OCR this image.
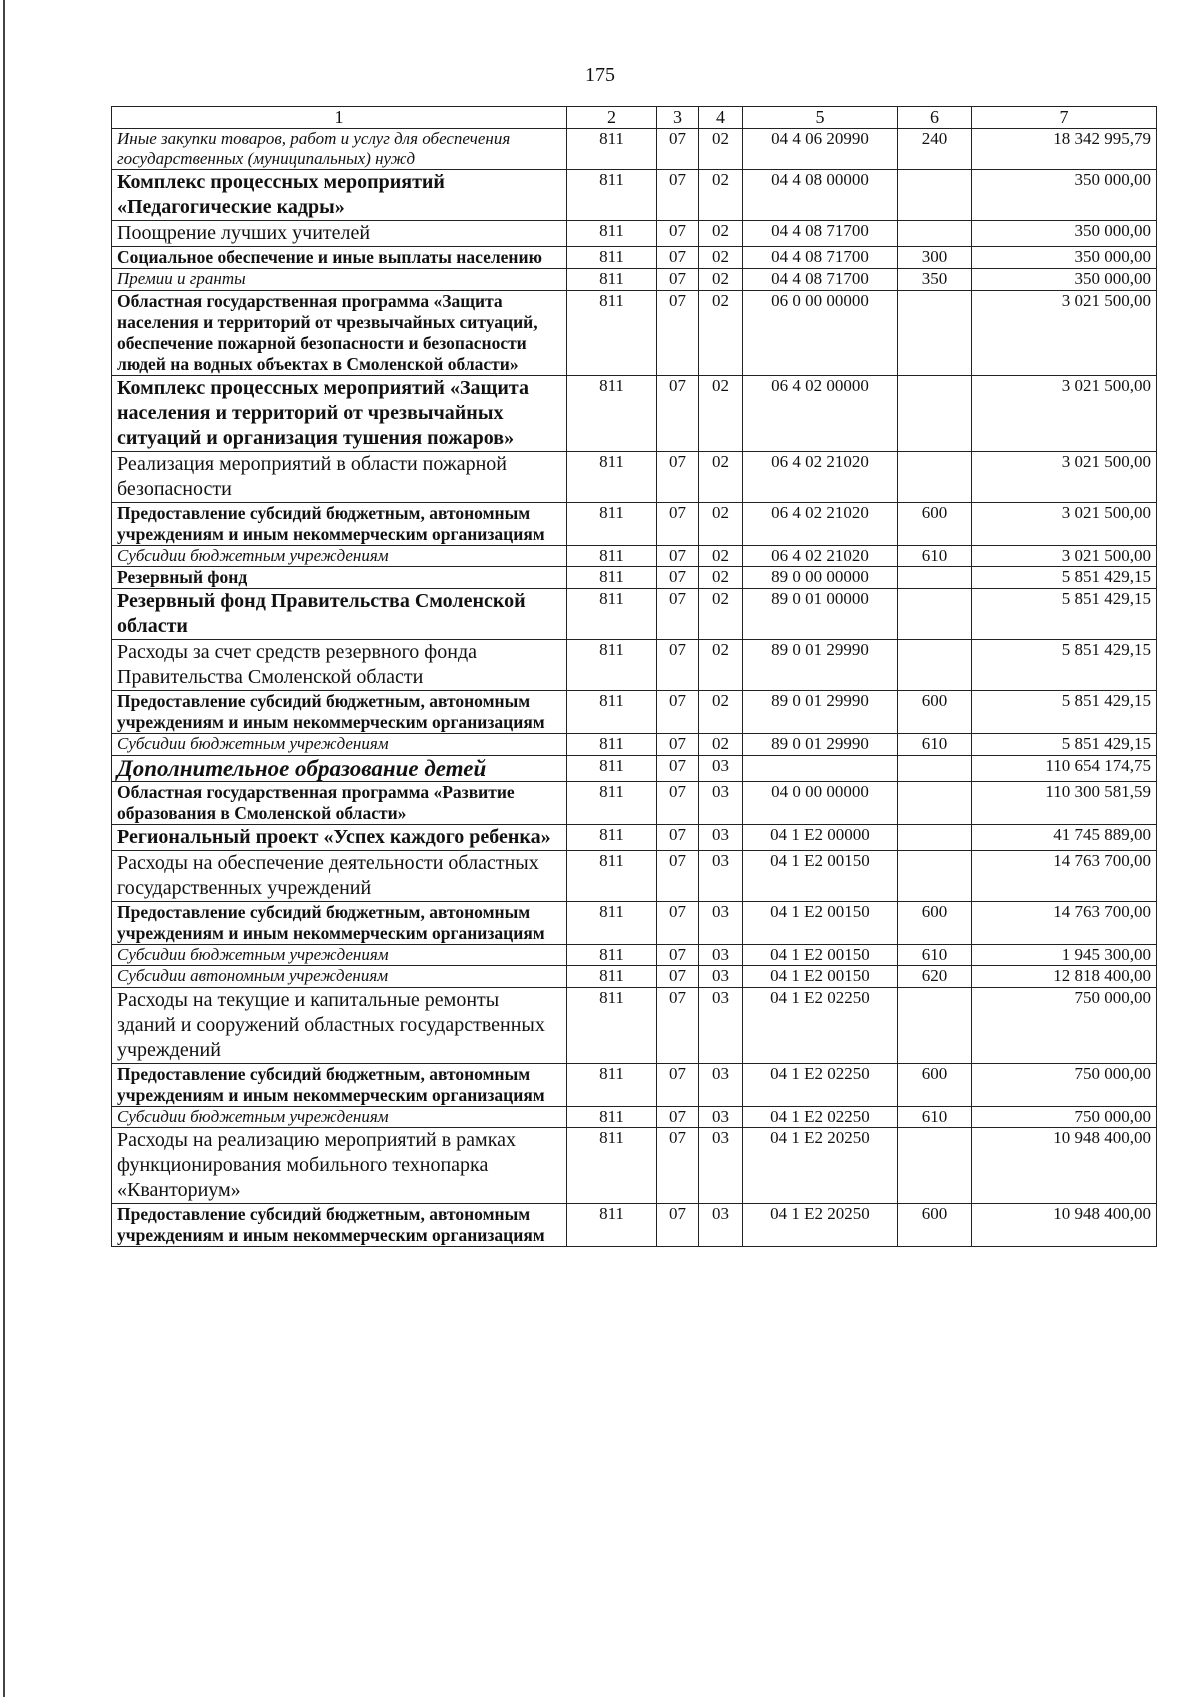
175
1	2	3	4	5	6	7
Иные закупки товаров, работ и услуг для обеспечения государственных (муниципальных) нужд	811	07	02	04 4 06 20990	240	18 342 995,79
Комплекс процессных мероприятий «Педагогические кадры»	811	07	02	04 4 08 00000		350 000,00
Поощрение лучших учителей	811	07	02	04 4 08 71700		350 000,00
Социальное обеспечение и иные выплаты населению	811	07	02	04 4 08 71700	300	350 000,00
Премии и гранты	811	07	02	04 4 08 71700	350	350 000,00
Областная государственная программа «Защита населения и территорий от чрезвычайных ситуаций, обеспечение пожарной безопасности и безопасности людей на водных объектах в Смоленской области»	811	07	02	06 0 00 00000		3 021 500,00
Комплекс процессных мероприятий «Защита населения и территорий от чрезвычайных ситуаций и организация тушения пожаров»	811	07	02	06 4 02 00000		3 021 500,00
Реализация мероприятий в области пожарной безопасности	811	07	02	06 4 02 21020		3 021 500,00
Предоставление субсидий бюджетным, автономным учреждениям и иным некоммерческим организациям	811	07	02	06 4 02 21020	600	3 021 500,00
Субсидии бюджетным учреждениям	811	07	02	06 4 02 21020	610	3 021 500,00
Резервный фонд	811	07	02	89 0 00 00000		5 851 429,15
Резервный фонд Правительства Смоленской области	811	07	02	89 0 01 00000		5 851 429,15
Расходы за счет средств резервного фонда Правительства Смоленской области	811	07	02	89 0 01 29990		5 851 429,15
Предоставление субсидий бюджетным, автономным учреждениям и иным некоммерческим организациям	811	07	02	89 0 01 29990	600	5 851 429,15
Субсидии бюджетным учреждениям	811	07	02	89 0 01 29990	610	5 851 429,15
Дополнительное образование детей	811	07	03			110 654 174,75
Областная государственная программа «Развитие образования в Смоленской области»	811	07	03	04 0 00 00000		110 300 581,59
Региональный проект «Успех каждого ребенка»	811	07	03	04 1 E2 00000		41 745 889,00
Расходы на обеспечение деятельности областных государственных учреждений	811	07	03	04 1 E2 00150		14 763 700,00
Предоставление субсидий бюджетным, автономным учреждениям и иным некоммерческим организациям	811	07	03	04 1 E2 00150	600	14 763 700,00
Субсидии бюджетным учреждениям	811	07	03	04 1 E2 00150	610	1 945 300,00
Субсидии автономным учреждениям	811	07	03	04 1 E2 00150	620	12 818 400,00
Расходы на текущие и капитальные ремонты зданий и сооружений областных государственных учреждений	811	07	03	04 1 E2 02250		750 000,00
Предоставление субсидий бюджетным, автономным учреждениям и иным некоммерческим организациям	811	07	03	04 1 E2 02250	600	750 000,00
Субсидии бюджетным учреждениям	811	07	03	04 1 E2 02250	610	750 000,00
Расходы на реализацию мероприятий в рамках функционирования мобильного технопарка «Кванториум»	811	07	03	04 1 E2 20250		10 948 400,00
Предоставление субсидий бюджетным, автономным учреждениям и иным некоммерческим организациям	811	07	03	04 1 E2 20250	600	10 948 400,00
